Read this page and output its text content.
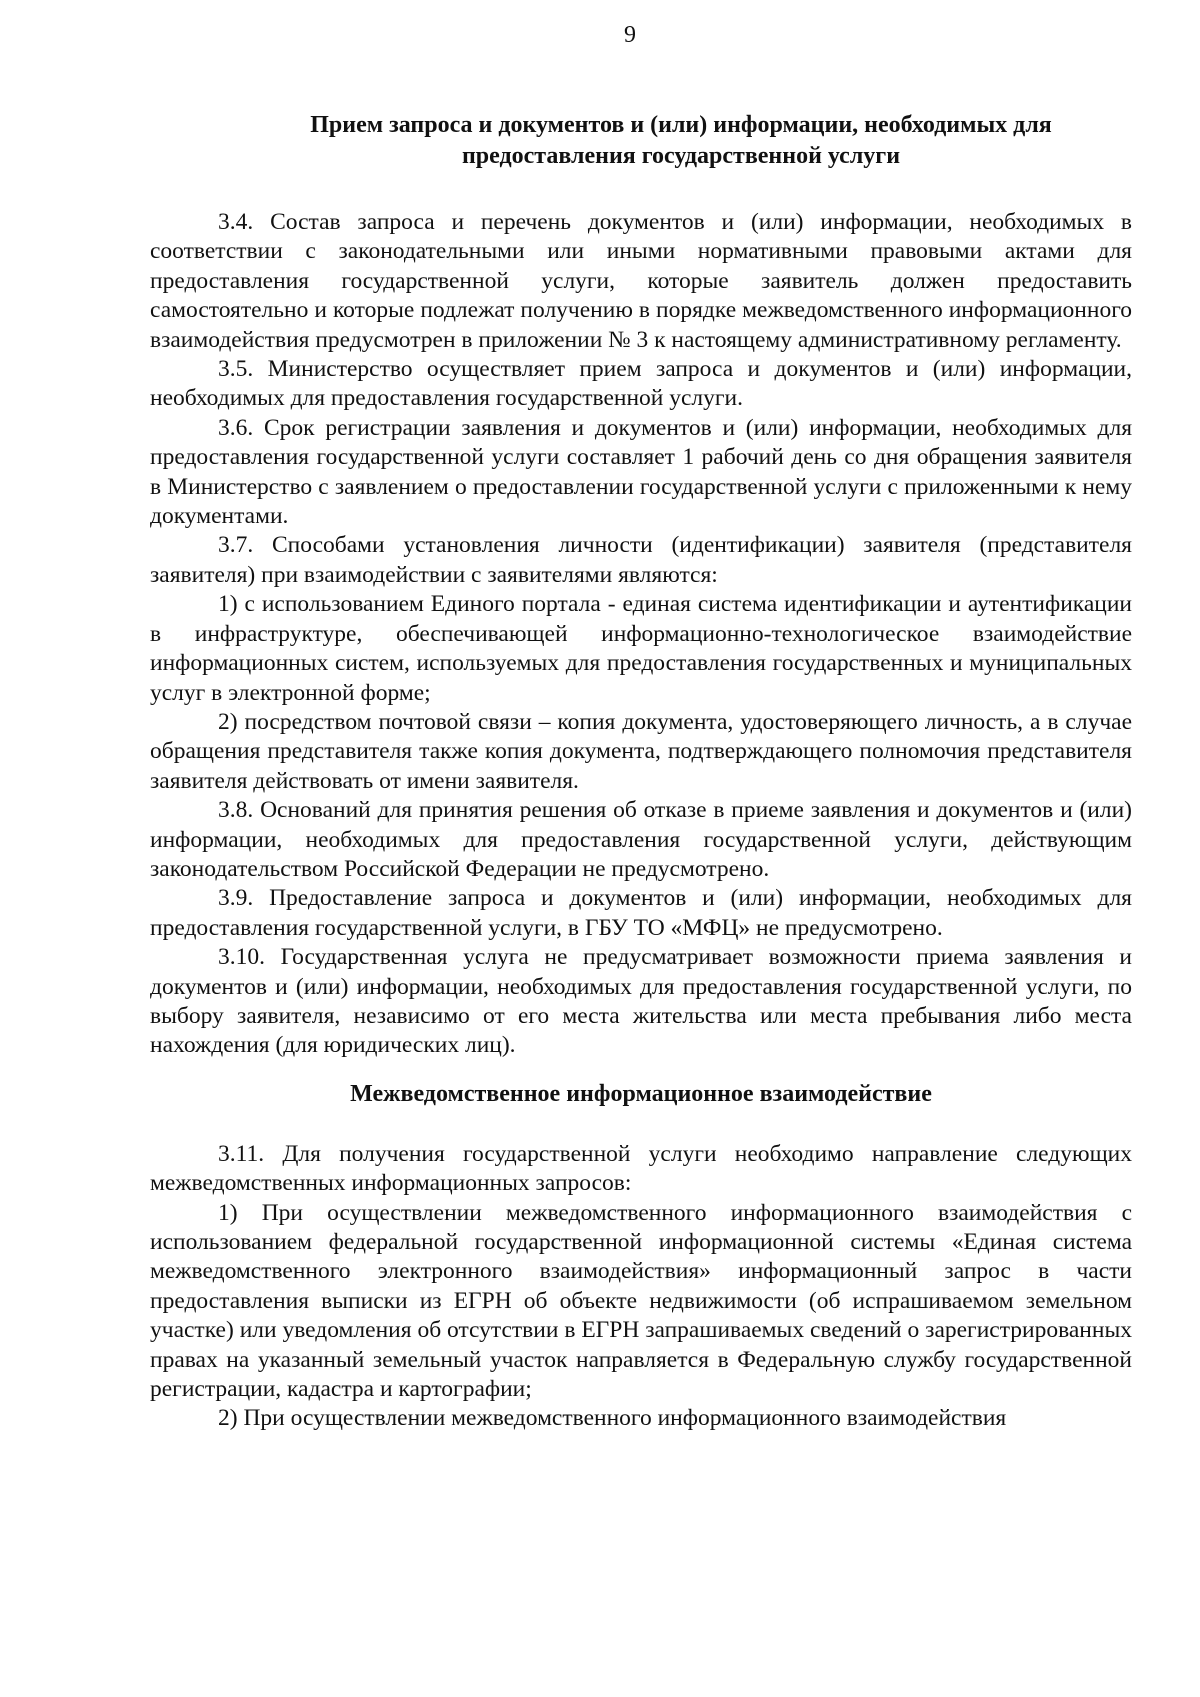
9
Прием запроса и документов и (или) информации, необходимых для предоставления государственной услуги

3.4. Состав запроса и перечень документов и (или) информации, необходимых в соответствии с законодательными или иными нормативными правовыми актами для предоставления государственной услуги, которые заявитель должен предоставить самостоятельно и которые подлежат получению в порядке межведомственного информационного взаимодействия предусмотрен в приложении № 3 к настоящему административному регламенту.

3.5. Министерство осуществляет прием запроса и документов и (или) информации, необходимых для предоставления государственной услуги.

3.6. Срок регистрации заявления и документов и (или) информации, необходимых для предоставления государственной услуги составляет 1 рабочий день со дня обращения заявителя в Министерство с заявлением о предоставлении государственной услуги с приложенными к нему документами.

3.7. Способами установления личности (идентификации) заявителя (представителя заявителя) при взаимодействии с заявителями являются:

1) с использованием Единого портала - единая система идентификации и аутентификации в инфраструктуре, обеспечивающей информационно-технологическое взаимодействие информационных систем, используемых для предоставления государственных и муниципальных услуг в электронной форме;

2) посредством почтовой связи – копия документа, удостоверяющего личность, а в случае обращения представителя также копия документа, подтверждающего полномочия представителя заявителя действовать от имени заявителя.

3.8. Оснований для принятия решения об отказе в приеме заявления и документов и (или) информации, необходимых для предоставления государственной услуги, действующим законодательством Российской Федерации не предусмотрено.

3.9. Предоставление запроса и документов и (или) информации, необходимых для предоставления государственной услуги, в ГБУ ТО «МФЦ» не предусмотрено.

3.10. Государственная услуга не предусматривает возможности приема заявления и документов и (или) информации, необходимых для предоставления государственной услуги, по выбору заявителя, независимо от его места жительства или места пребывания либо места нахождения (для юридических лиц).

Межведомственное информационное взаимодействие

3.11. Для получения государственной услуги необходимо направление следующих межведомственных информационных запросов:

1) При осуществлении межведомственного информационного взаимодействия с использованием федеральной государственной информационной системы «Единая система межведомственного электронного взаимодействия» информационный запрос в части предоставления выписки из ЕГРН об объекте недвижимости (об испрашиваемом земельном участке) или уведомления об отсутствии в ЕГРН запрашиваемых сведений о зарегистрированных правах на указанный земельный участок направляется в Федеральную службу государственной регистрации, кадастра и картографии;

2) При осуществлении межведомственного информационного взаимодействия
